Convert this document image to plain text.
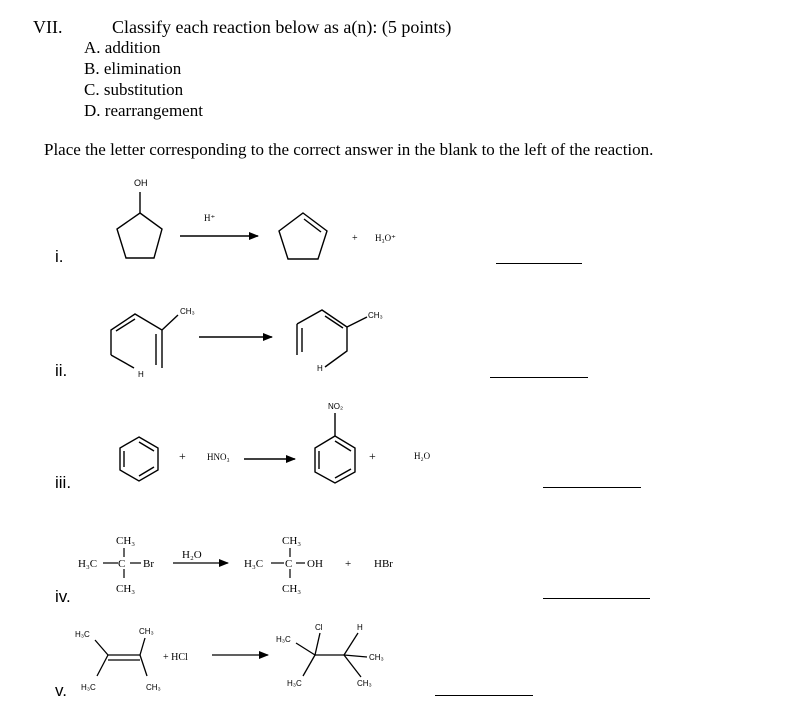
VII.	Classify each reaction below as a(n): (5 points)
A. addition
B. elimination
C. substitution
D. rearrangement
Place the letter corresponding to the correct answer in the blank to the left of the reaction.
i.
ii.
iii.
iv.
v.
OH
H⁺
+ H₃O⁺
CH₃
H
CH₃
H
+ HNO₃
NO₂
+	H₂O
CH₃
H₃C C Br
CH₃
H₂O
CH₃
H₃C C OH
CH₃
+ HBr
H₃C	CH₃
H₃C	CH₃
+ HCl
H₃C
Cl	H
CH₃
H₃C	CH₃
